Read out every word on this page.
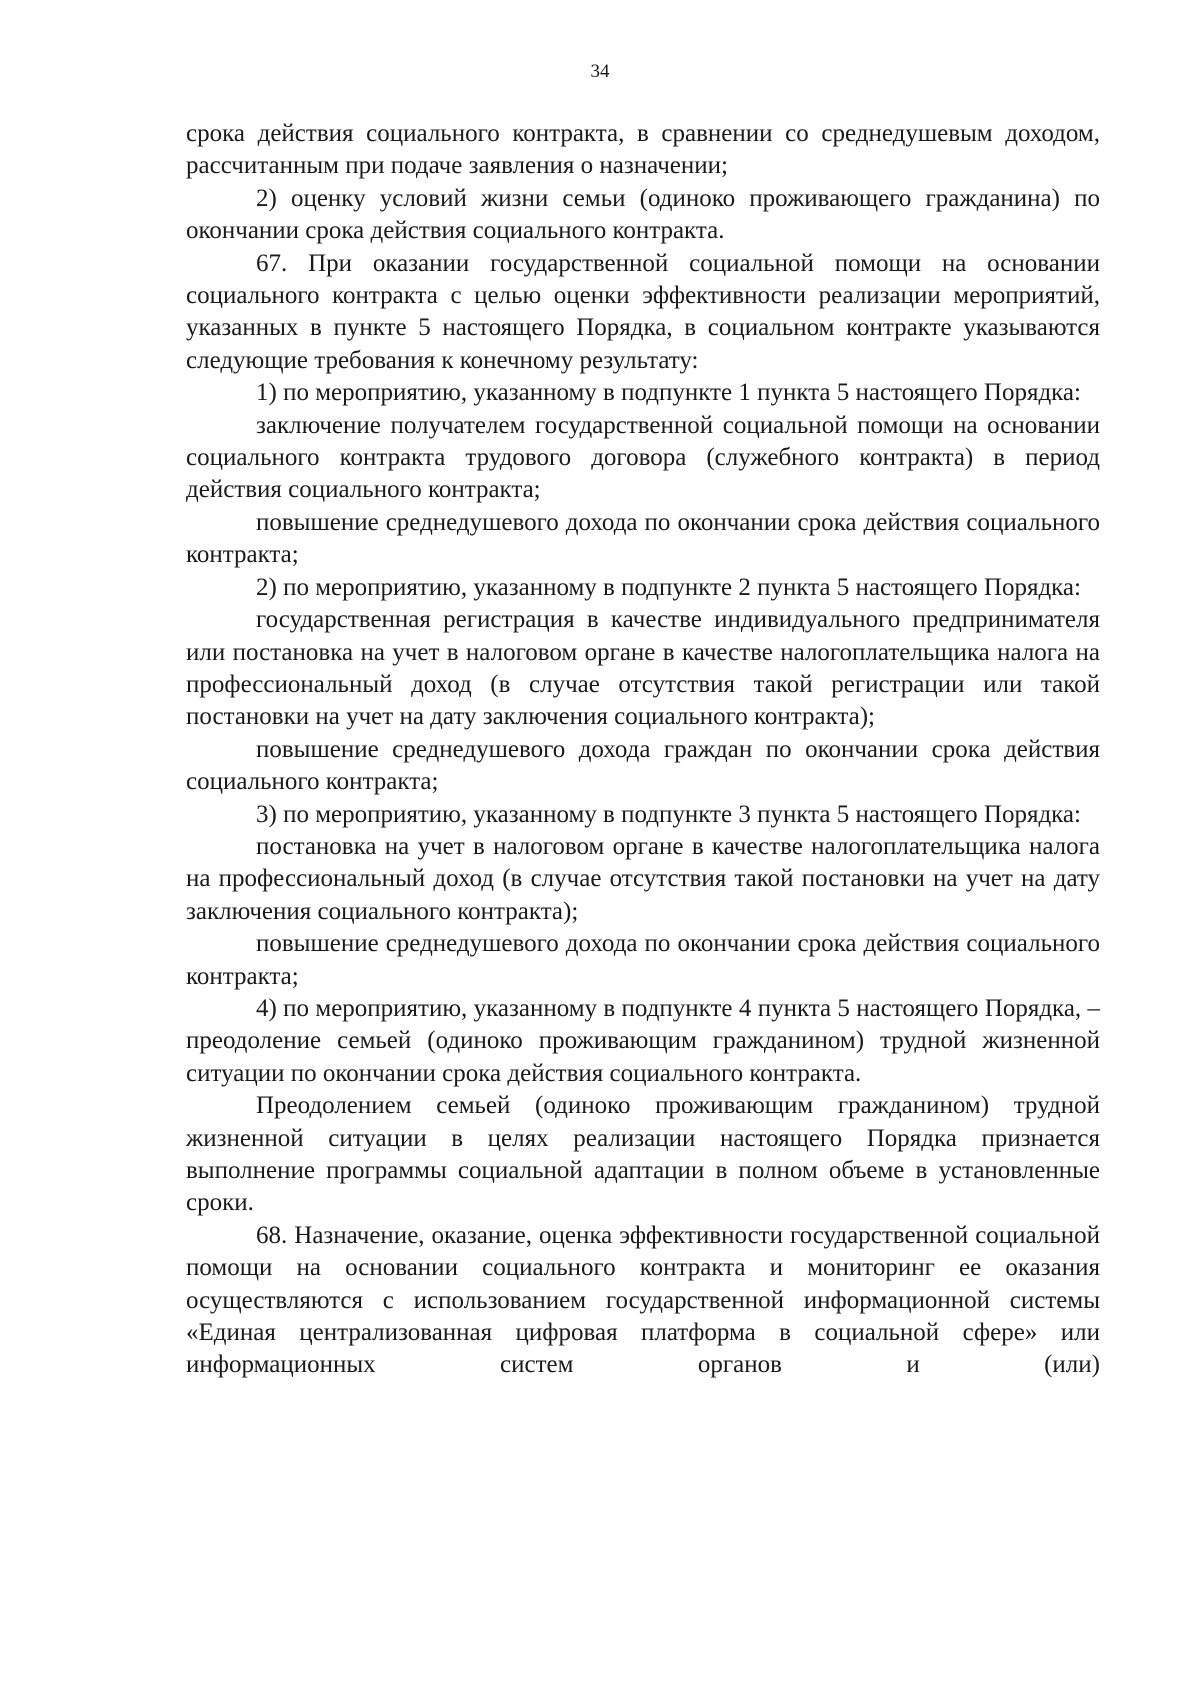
34

срока действия социального контракта, в сравнении со среднедушевым доходом, рассчитанным при подаче заявления о назначении;

2) оценку условий жизни семьи (одиноко проживающего гражданина) по окончании срока действия социального контракта.

67. При оказании государственной социальной помощи на основании социального контракта с целью оценки эффективности реализации мероприятий, указанных в пункте 5 настоящего Порядка, в социальном контракте указываются следующие требования к конечному результату:

1) по мероприятию, указанному в подпункте 1 пункта 5 настоящего Порядка:

заключение получателем государственной социальной помощи на основании социального контракта трудового договора (служебного контракта) в период действия социального контракта;

повышение среднедушевого дохода по окончании срока действия социального контракта;

2) по мероприятию, указанному в подпункте 2 пункта 5 настоящего Порядка:

государственная регистрация в качестве индивидуального предпринимателя или постановка на учет в налоговом органе в качестве налогоплательщика налога на профессиональный доход (в случае отсутствия такой регистрации или такой постановки на учет на дату заключения социального контракта);

повышение среднедушевого дохода граждан по окончании срока действия социального контракта;

3) по мероприятию, указанному в подпункте 3 пункта 5 настоящего Порядка:

постановка на учет в налоговом органе в качестве налогоплательщика налога на профессиональный доход (в случае отсутствия такой постановки на учет на дату заключения социального контракта);

повышение среднедушевого дохода по окончании срока действия социального контракта;

4) по мероприятию, указанному в подпункте 4 пункта 5 настоящего Порядка, – преодоление семьей (одиноко проживающим гражданином) трудной жизненной ситуации по окончании срока действия социального контракта.

Преодолением семьей (одиноко проживающим гражданином) трудной жизненной ситуации в целях реализации настоящего Порядка признается выполнение программы социальной адаптации в полном объеме в установленные сроки.

68. Назначение, оказание, оценка эффективности государственной социальной помощи на основании социального контракта и мониторинг ее оказания осуществляются с использованием государственной информационной системы «Единая централизованная цифровая платформа в социальной сфере» или информационных систем органов и (или)
